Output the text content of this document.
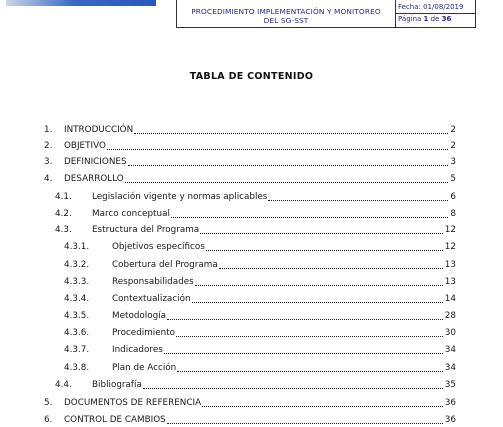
PROCEDIMIENTO IMPLEMENTACIÓN Y MONITOREO
DEL SG-SST
Fecha: 01/08/2019
Página 1 de 36
TABLA DE CONTENIDO
1. INTRODUCCIÓN	2
2. OBJETIVO	2
3. DEFINICIONES	3
4. DESARROLLO	5
4.1. Legislación vigente y normas aplicables	6
4.2. Marco conceptual	8
4.3. Estructura del Programa	12
4.3.1.	Objetivos específicos	12
4.3.2.	Cobertura del Programa	13
4.3.3.	Responsabilidades	13
4.3.4.	Contextualización	14
4.3.5.	Metodología	28
4.3.6.	Procedimiento	30
4.3.7.	Indicadores	34
4.3.8.	Plan de Acción	34
4.4. Bibliografía	35
5. DOCUMENTOS DE REFERENCIA	36
6. CONTROL DE CAMBIOS	36
